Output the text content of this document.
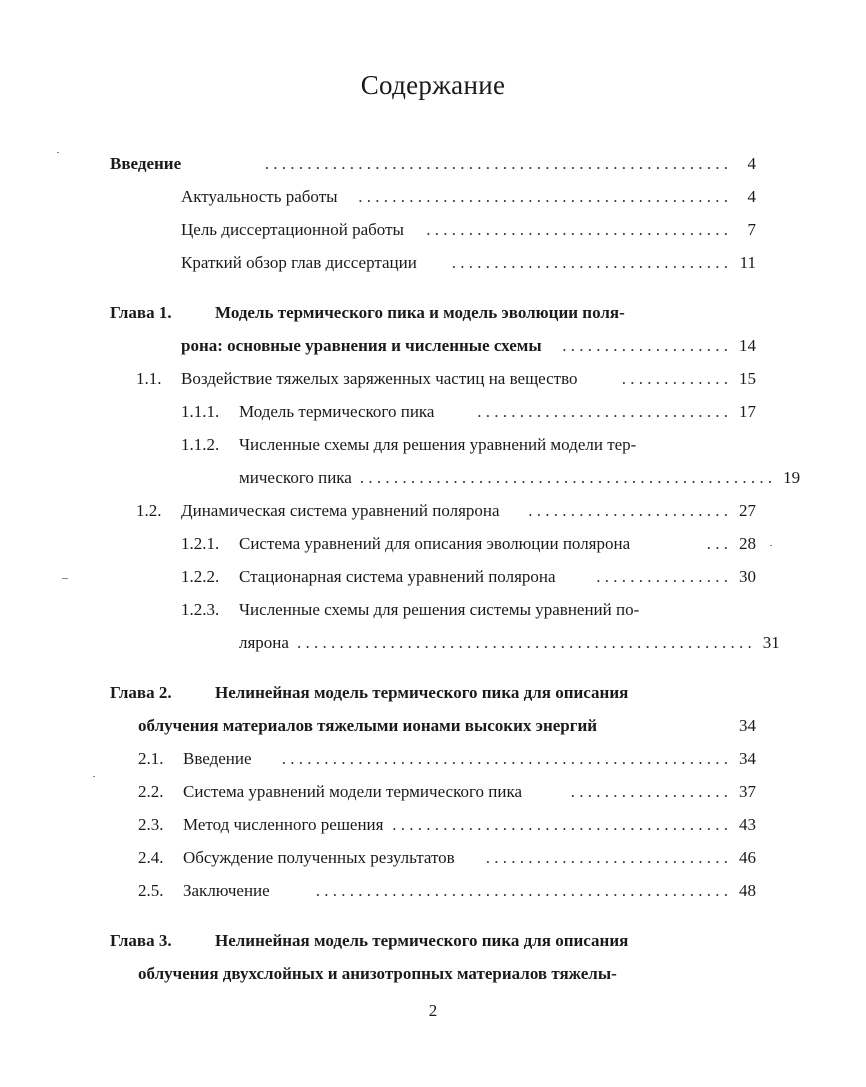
Содержание
Введение	. . . . . . . . . . . . . . . . . . . . . . . . . . . . . . . . . . . . . . . . . . . . . . . . . . . . . . .	4
Актуальность работы	. . . . . . . . . . . . . . . . . . . . . . . . . . . . . . . . . . . . . . . . . . . .	4
Цель диссертационной работы	. . . . . . . . . . . . . . . . . . . . . . . . . . . . . . . . . . . .	7
Краткий обзор глав диссертации	. . . . . . . . . . . . . . . . . . . . . . . . . . . . . . . . . 11
Глава 1.	Модель термического пика и модель эволюции поля-
рона: основные уравнения и численные схемы	. . . . . . . . . . . . . . . . . . . . 14
1.1.	Воздействие тяжелых заряженных частиц на вещество	. . . . . . . . . . . . . 15
1.1.1.	Модель термического пика	. . . . . . . . . . . . . . . . . . . . . . . . . . . . . . 17
1.1.2.	Численные схемы для решения уравнений модели тер-
мического пика . . . . . . . . . . . . . . . . . . . . . . . . . . . . . . . . . . . . . . . . . . . . . . . . . 19
1.2.	Динамическая система уравнений полярона	. . . . . . . . . . . . . . . . . . . . . . . . 27
1.2.1.	Система уравнений для описания эволюции полярона	. . . 28
1.2.2.	Стационарная система уравнений полярона	. . . . . . . . . . . . . . . . 30
1.2.3.	Численные схемы для решения системы уравнений по-
лярона . . . . . . . . . . . . . . . . . . . . . . . . . . . . . . . . . . . . . . . . . . . . . . . . . . . . . . 31
Глава 2.	Нелинейная модель термического пика для описания
облучения материалов тяжелыми ионами высоких энергий	34
2.1.	Введение	. . . . . . . . . . . . . . . . . . . . . . . . . . . . . . . . . . . . . . . . . . . . . . . . . . . . . 34
2.2.	Система уравнений модели термического пика	. . . . . . . . . . . . . . . . . . . 37
2.3.	Метод численного решения . . . . . . . . . . . . . . . . . . . . . . . . . . . . . . . . . . . . . . . . 43
2.4.	Обсуждение полученных результатов	. . . . . . . . . . . . . . . . . . . . . . . . . . . . . 46
2.5.	Заключение	. . . . . . . . . . . . . . . . . . . . . . . . . . . . . . . . . . . . . . . . . . . . . . . . . 48
Глава 3.	Нелинейная модель термического пика для описания
облучения двухслойных и анизотропных материалов тяжелы-
2
